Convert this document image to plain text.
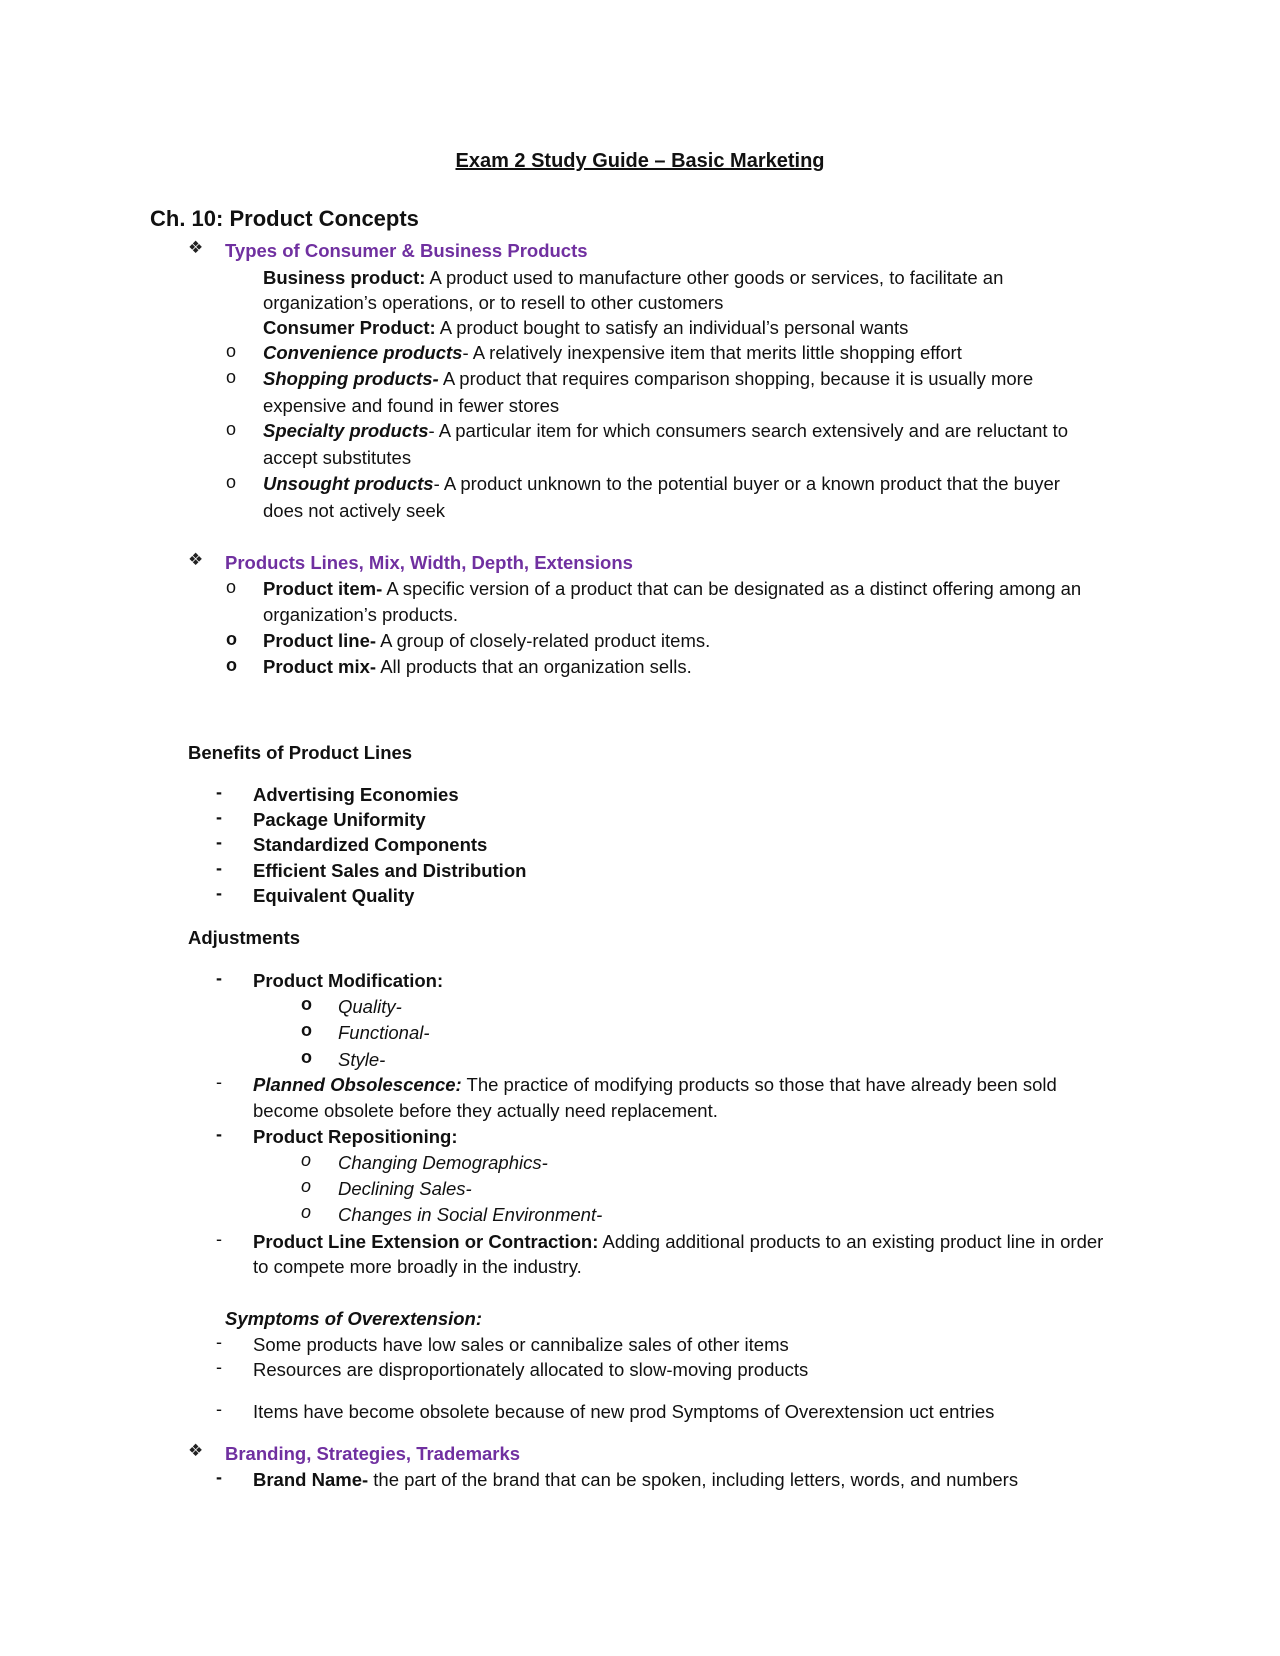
Exam 2 Study Guide – Basic Marketing
Ch. 10: Product Concepts
❖ Types of Consumer & Business Products
Business product: A product used to manufacture other goods or services, to facilitate an
organization’s operations, or to resell to other customers
Consumer Product: A product bought to satisfy an individual’s personal wants
o Convenience products- A relatively inexpensive item that merits little shopping effort
o Shopping products- A product that requires comparison shopping, because it is usually more
expensive and found in fewer stores
o Specialty products- A particular item for which consumers search extensively and are reluctant to
accept substitutes
o Unsought products- A product unknown to the potential buyer or a known product that the buyer
does not actively seek
❖ Products Lines, Mix, Width, Depth, Extensions
o Product item- A specific version of a product that can be designated as a distinct offering among an
organization’s products.
o Product line- A group of closely-related product items.
o Product mix- All products that an organization sells.
Benefits of Product Lines
- Advertising Economies
- Package Uniformity
- Standardized Components
- Efficient Sales and Distribution
- Equivalent Quality
Adjustments
- Product Modification:
o Quality-
o Functional-
o Style-
- Planned Obsolescence: The practice of modifying products so those that have already been sold
become obsolete before they actually need replacement.
- Product Repositioning:
o Changing Demographics-
o Declining Sales-
o Changes in Social Environment-
- Product Line Extension or Contraction: Adding additional products to an existing product line in order
to compete more broadly in the industry.
Symptoms of Overextension:
- Some products have low sales or cannibalize sales of other items
- Resources are disproportionately allocated to slow-moving products
- Items have become obsolete because of new prod Symptoms of Overextension uct entries
❖ Branding, Strategies, Trademarks
- Brand Name- the part of the brand that can be spoken, including letters, words, and numbers
